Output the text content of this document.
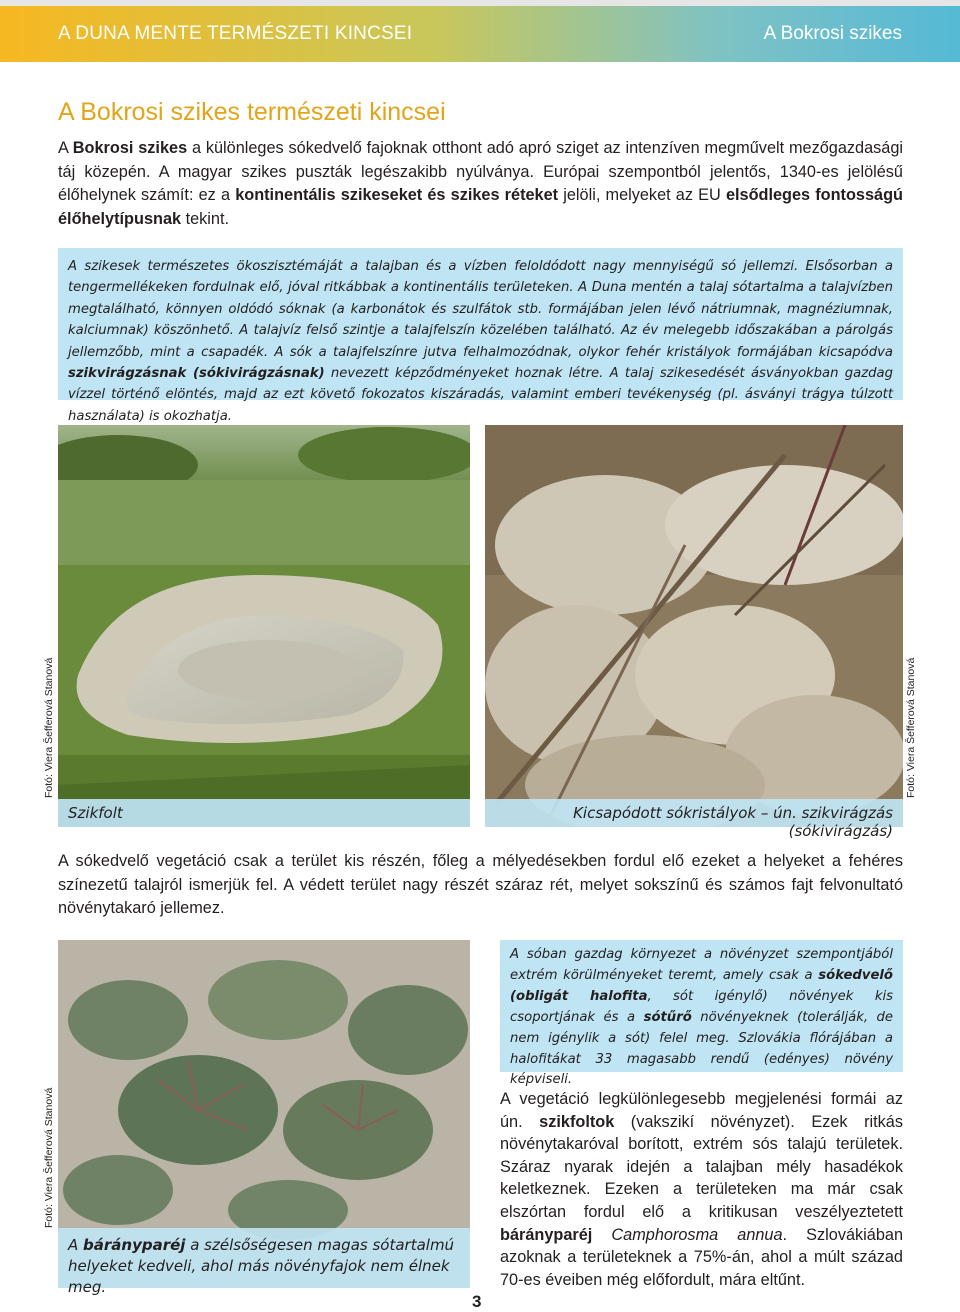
A DUNA MENTE TERMÉSZETI KINCSEI	A Bokrosi szikes
A Bokrosi szikes természeti kincsei

A Bokrosi szikes a különleges sókedvelő fajoknak otthont adó apró sziget az intenzíven megművelt mezőgazdasági táj közepén. A magyar szikes puszták legészakibb nyúlványa. Európai szempontból jelentős, 1340-es jelölésű élőhelynek számít: ez a kontinentális szikeseket és szikes réteket jelöli, melyeket az EU elsődleges fontosságú élőhelytípusnak tekint.

A szikesek természetes ökoszisztémáját a talajban és a vízben feloldódott nagy mennyiségű só jellemzi. Elsősorban a tengermellékeken fordulnak elő, jóval ritkábbak a kontinentális területeken. A Duna mentén a talaj sótartalma a talajvízben megtalálható, könnyen oldódó sóknak (a karbonátok és szulfátok stb. formájában jelen lévő nátriumnak, magnéziumnak, kalciumnak) köszönhető. A talajvíz felső szintje a talajfelszín közelében található. Az év melegebb időszakában a párolgás jellemzőbb, mint a csapadék. A sók a talajfelszínre jutva felhalmozódnak, olykor fehér kristályok formájában kicsapódva szikvirágzásnak (sókivirágzásnak) nevezett képződményeket hoznak létre. A talaj szikesedését ásványokban gazdag vízzel történő elöntés, majd az ezt követő fokozatos kiszáradás, valamint emberi tevékenység (pl. ásványi trágya túlzott használata) is okozhatja.

Szikfolt
Fotó: Viera Šefferová Stanová
Kicsapódott sókristályok – ún. szikvirágzás (sókivirágzás)
Fotó: Viera Šefferová Stanová

A sókedvelő vegetáció csak a terület kis részén, főleg a mélyedésekben fordul elő ezeket a helyeket a fehéres színezetű talajról ismerjük fel. A védett terület nagy részét száraz rét, melyet sokszínű és számos fajt felvonultató növénytakaró jellemez.

A bárányparéj a szélsőségesen magas sótartalmú helyeket kedveli, ahol más növényfajok nem élnek meg.
Fotó: Viera Šefferová Stanová

A sóban gazdag környezet a növényzet szempontjából extrém körülményeket teremt, amely csak a sókedvelő (obligát halofita, sót igénylő) növények kis csoportjának és a sótűrő növényeknek (tolerálják, de nem igénylik a sót) felel meg. Szlovákia flórájában a halofitákat 33 magasabb rendű (edényes) növény képviseli.

A vegetáció legkülönlegesebb megjelenési formái az ún. szikfoltok (vakszikí növényzet). Ezek ritkás növénytakaróval borított, extrém sós talajú területek. Száraz nyarak idején a talajban mély hasadékok keletkeznek. Ezeken a területeken ma már csak elszórtan fordul elő a kritikusan veszélyeztetett bárányparéj Camphorosma annua. Szlovákiában azoknak a területeknek a 75%-án, ahol a múlt század 70-es éveiben még előfordult, mára eltűnt.

3
